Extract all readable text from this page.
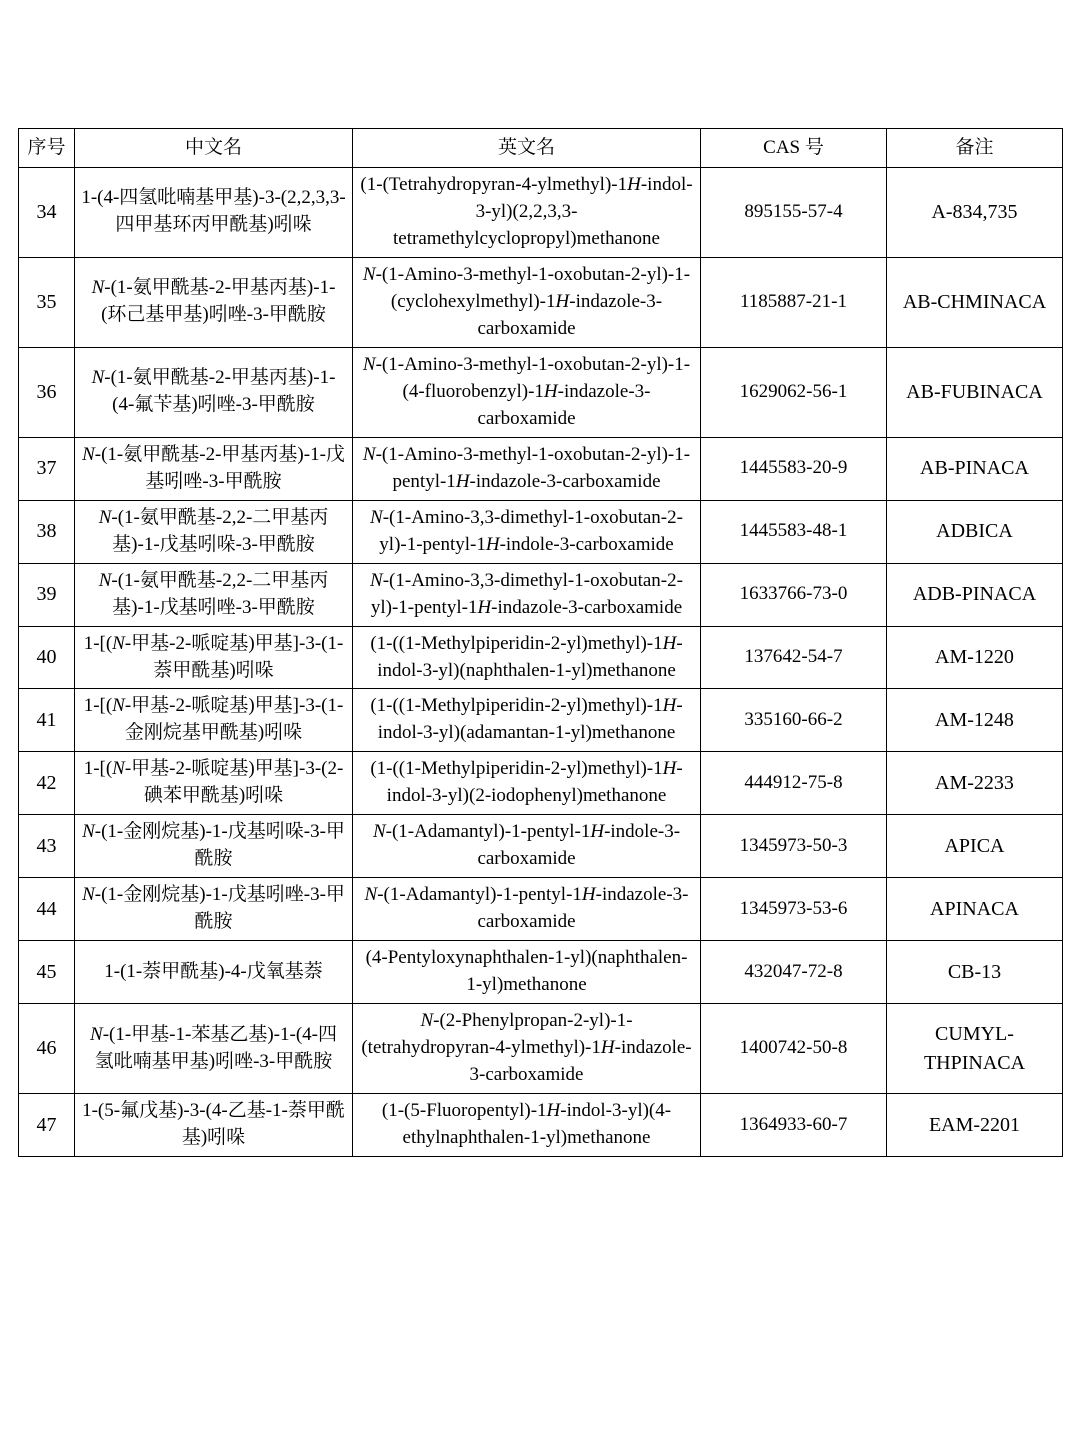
序号	中文名	英文名	CAS 号	备注
34	1-(4-四氢吡喃基甲基)-3-(2,2,3,3-四甲基环丙甲酰基)吲哚	(1-(Tetrahydropyran-4-ylmethyl)-1H-indol-3-yl)(2,2,3,3-tetramethylcyclopropyl)methanone	895155-57-4	A-834,735
35	N-(1-氨甲酰基-2-甲基丙基)-1-(环己基甲基)吲唑-3-甲酰胺	N-(1-Amino-3-methyl-1-oxobutan-2-yl)-1-(cyclohexylmethyl)-1H-indazole-3-carboxamide	1185887-21-1	AB-CHMINACA
36	N-(1-氨甲酰基-2-甲基丙基)-1-(4-氟苄基)吲唑-3-甲酰胺	N-(1-Amino-3-methyl-1-oxobutan-2-yl)-1-(4-fluorobenzyl)-1H-indazole-3-carboxamide	1629062-56-1	AB-FUBINACA
37	N-(1-氨甲酰基-2-甲基丙基)-1-戊基吲唑-3-甲酰胺	N-(1-Amino-3-methyl-1-oxobutan-2-yl)-1-pentyl-1H-indazole-3-carboxamide	1445583-20-9	AB-PINACA
38	N-(1-氨甲酰基-2,2-二甲基丙基)-1-戊基吲哚-3-甲酰胺	N-(1-Amino-3,3-dimethyl-1-oxobutan-2-yl)-1-pentyl-1H-indole-3-carboxamide	1445583-48-1	ADBICA
39	N-(1-氨甲酰基-2,2-二甲基丙基)-1-戊基吲唑-3-甲酰胺	N-(1-Amino-3,3-dimethyl-1-oxobutan-2-yl)-1-pentyl-1H-indazole-3-carboxamide	1633766-73-0	ADB-PINACA
40	1-[(N-甲基-2-哌啶基)甲基]-3-(1-萘甲酰基)吲哚	(1-((1-Methylpiperidin-2-yl)methyl)-1H-indol-3-yl)(naphthalen-1-yl)methanone	137642-54-7	AM-1220
41	1-[(N-甲基-2-哌啶基)甲基]-3-(1-金刚烷基甲酰基)吲哚	(1-((1-Methylpiperidin-2-yl)methyl)-1H-indol-3-yl)(adamantan-1-yl)methanone	335160-66-2	AM-1248
42	1-[(N-甲基-2-哌啶基)甲基]-3-(2-碘苯甲酰基)吲哚	(1-((1-Methylpiperidin-2-yl)methyl)-1H-indol-3-yl)(2-iodophenyl)methanone	444912-75-8	AM-2233
43	N-(1-金刚烷基)-1-戊基吲哚-3-甲酰胺	N-(1-Adamantyl)-1-pentyl-1H-indole-3-carboxamide	1345973-50-3	APICA
44	N-(1-金刚烷基)-1-戊基吲唑-3-甲酰胺	N-(1-Adamantyl)-1-pentyl-1H-indazole-3-carboxamide	1345973-53-6	APINACA
45	1-(1-萘甲酰基)-4-戊氧基萘	(4-Pentyloxynaphthalen-1-yl)(naphthalen-1-yl)methanone	432047-72-8	CB-13
46	N-(1-甲基-1-苯基乙基)-1-(4-四氢吡喃基甲基)吲唑-3-甲酰胺	N-(2-Phenylpropan-2-yl)-1-(tetrahydropyran-4-ylmethyl)-1H-indazole-3-carboxamide	1400742-50-8	CUMYL-THPINACA
47	1-(5-氟戊基)-3-(4-乙基-1-萘甲酰基)吲哚	(1-(5-Fluoropentyl)-1H-indol-3-yl)(4-ethylnaphthalen-1-yl)methanone	1364933-60-7	EAM-2201
